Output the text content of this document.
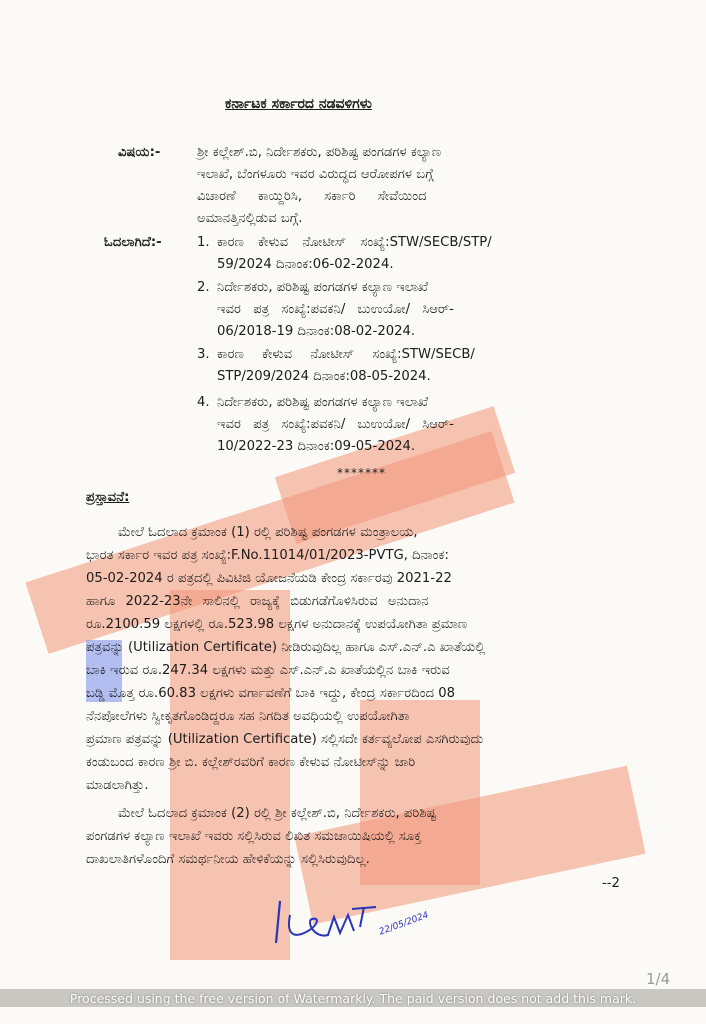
ಕರ್ನಾಟಕ ಸರ್ಕಾರದ ನಡವಳಿಗಳು
ವಿಷಯ:-	ಶ್ರೀ ಕಲ್ಲೇಶ್.ಬಿ, ನಿರ್ದೇಶಕರು, ಪರಿಶಿಷ್ಟ ಪಂಗಡಗಳ ಕಲ್ಯಾಣ
ಇಲಾಖೆ, ಬೆಂಗಳೂರು ಇವರ ವಿರುದ್ಧದ ಆರೋಪಗಳ ಬಗ್ಗೆ
ವಿಚಾರಣೆ ಕಾಯ್ದಿರಿಸಿ, ಸರ್ಕಾರಿ ಸೇವೆಯಿಂದ
ಅಮಾನತ್ತಿನಲ್ಲಿಡುವ ಬಗ್ಗೆ.
ಓದಲಾಗಿದೆ:-	1. ಕಾರಣ ಕೇಳುವ ನೋಟೀಸ್ ಸಂಖ್ಯೆ:STW/SECB/STP/
59/2024 ದಿನಾಂಕ:06-02-2024.
2. ನಿರ್ದೇಶಕರು, ಪರಿಶಿಷ್ಟ ಪಂಗಡಗಳ ಕಲ್ಯಾಣ ಇಲಾಖೆ
ಇವರ ಪತ್ರ ಸಂಖ್ಯೆ:ಪವಕನಿ/ ಬುಉಯೋ/ ಸಿಆರ್-
06/2018-19 ದಿನಾಂಕ:08-02-2024.
3. ಕಾರಣ ಕೇಳುವ ನೋಟೀಸ್ ಸಂಖ್ಯೆ:STW/SECB/
STP/209/2024 ದಿನಾಂಕ:08-05-2024.
4. ನಿರ್ದೇಶಕರು, ಪರಿಶಿಷ್ಟ ಪಂಗಡಗಳ ಕಲ್ಯಾಣ ಇಲಾಖೆ
ಇವರ ಪತ್ರ ಸಂಖ್ಯೆ:ಪವಕನಿ/ ಬುಉಯೋ/ ಸಿಆರ್-
10/2022-23 ದಿನಾಂಕ:09-05-2024.
*******
ಪ್ರಸ್ತಾವನೆ:
ಮೇಲೆ ಓದಲಾದ ಕ್ರಮಾಂಕ (1) ರಲ್ಲಿ ಪರಿಶಿಷ್ಟ ಪಂಗಡಗಳ ಮಂತ್ರಾಲಯ,
ಭಾರತ ಸರ್ಕಾರ ಇವರ ಪತ್ರ ಸಂಖ್ಯೆ:F.No.11014/01/2023-PVTG, ದಿನಾಂಕ:
05-02-2024 ರ ಪತ್ರದಲ್ಲಿ ಪಿವಿಟಿಜಿ ಯೋಜನೆಯಡಿ ಕೇಂದ್ರ ಸರ್ಕಾರವು 2021-22
ಹಾಗೂ 2022-23ನೇ ಸಾಲಿನಲ್ಲಿ ರಾಜ್ಯಕ್ಕೆ ಬಿಡುಗಡೆಗೊಳಿಸಿರುವ ಅನುದಾನ
ರೂ.2100.59 ಲಕ್ಷಗಳಲ್ಲಿ ರೂ.523.98 ಲಕ್ಷಗಳ ಅನುದಾನಕ್ಕೆ ಉಪಯೋಗಿತಾ ಪ್ರಮಾಣ
ಪತ್ರವನ್ನು (Utilization Certificate) ನೀಡಿರುವುದಿಲ್ಲ ಹಾಗೂ ಎಸ್.ಎನ್.ಎ ಖಾತೆಯಲ್ಲಿ
ಬಾಕಿ ಇರುವ ರೂ.247.34 ಲಕ್ಷಗಳು ಮತ್ತು ಎಸ್.ಎನ್.ಎ ಖಾತೆಯಲ್ಲಿನ ಬಾಕಿ ಇರುವ
ಬಡ್ಡಿ ಮೊತ್ತ ರೂ.60.83 ಲಕ್ಷಗಳು ವರ್ಗಾವಣೆಗೆ ಬಾಕಿ ಇದ್ದು, ಕೇಂದ್ರ ಸರ್ಕಾರದಿಂದ 08
ನೆನಪೋಲೆಗಳು ಸ್ವೀಕೃತಗೊಂಡಿದ್ದರೂ ಸಹ ನಿಗದಿತ ಅವಧಿಯಲ್ಲಿ ಉಪಯೋಗಿತಾ
ಪ್ರಮಾಣ ಪತ್ರವನ್ನು (Utilization Certificate) ಸಲ್ಲಿಸದೇ ಕರ್ತವ್ಯಲೋಪ ಎಸಗಿರುವುದು
ಕಂಡುಬಂದ ಕಾರಣ ಶ್ರೀ ಬಿ. ಕಲ್ಲೇಶ್‌ರವರಿಗೆ ಕಾರಣ ಕೇಳುವ ನೋಟೀಸ್‌ನ್ನು ಜಾರಿ
ಮಾಡಲಾಗಿತ್ತು.
ಮೇಲೆ ಓದಲಾದ ಕ್ರಮಾಂಕ (2) ರಲ್ಲಿ ಶ್ರೀ ಕಲ್ಲೇಶ್.ಬಿ, ನಿರ್ದೇಶಕರು, ಪರಿಶಿಷ್ಟ
ಪಂಗಡಗಳ ಕಲ್ಯಾಣ ಇಲಾಖೆ ಇವರು ಸಲ್ಲಿಸಿರುವ ಲಿಖಿತ ಸಮಜಾಯಿಷಿಯಲ್ಲಿ ಸೂಕ್ತ
ದಾಖಲಾತಿಗಳೊಂದಿಗೆ ಸಮರ್ಥನೀಯ ಹೇಳಿಕೆಯನ್ನು ಸಲ್ಲಿಸಿರುವುದಿಲ್ಲ.
--2
22/05/2024
1/4
Processed using the free version of Watermarkly. The paid version does not add this mark.
